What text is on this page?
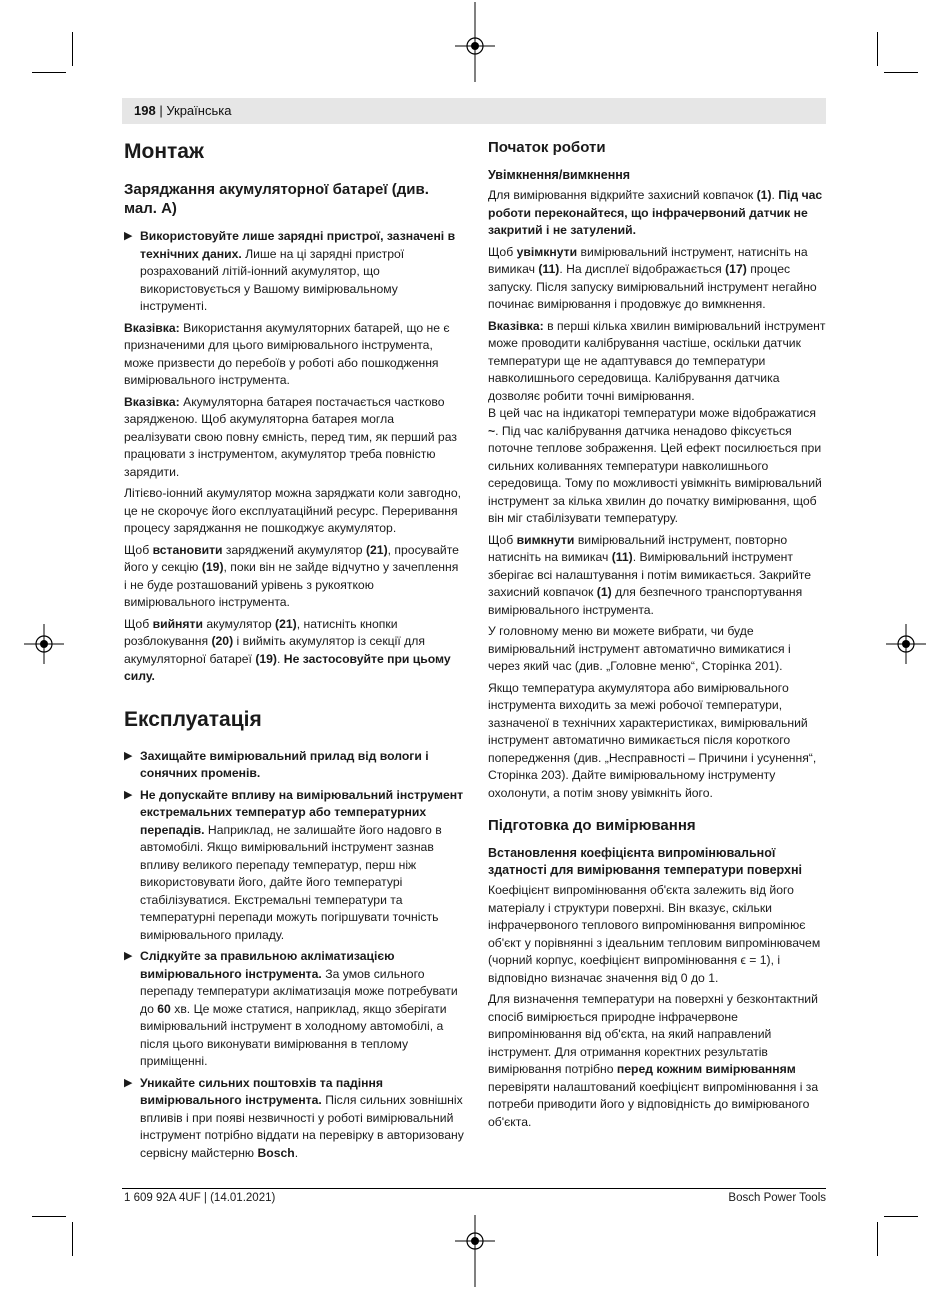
198 | Українська
Монтаж
Заряджання акумуляторної батареї (див. мал. A)
▶ Використовуйте лише зарядні пристрої, зазначені в технічних даних. Лише на ці зарядні пристрої розрахований літій-іонний акумулятор, що використовується у Вашому вимірювальному інструменті.
Вказівка: Використання акумуляторних батарей, що не є призначеними для цього вимірювального інструмента, може призвести до перебоїв у роботі або пошкодження вимірювального інструмента.
Вказівка: Акумуляторна батарея постачається частково зарядженою. Щоб акумуляторна батарея могла реалізувати свою повну ємність, перед тим, як перший раз працювати з інструментом, акумулятор треба повністю зарядити.
Літієво-іонний акумулятор можна заряджати коли завгодно, це не скорочує його експлуатаційний ресурс. Переривання процесу заряджання не пошкоджує акумулятор.
Щоб встановити заряджений акумулятор (21), просувайте його у секцію (19), поки він не зайде відчутно у зачеплення і не буде розташований урівень з рукояткою вимірювального інструмента.
Щоб вийняти акумулятор (21), натисніть кнопки розблокування (20) і вийміть акумулятор із секції для акумуляторної батареї (19). Не застосовуйте при цьому силу.
Експлуатація
▶ Захищайте вимірювальний прилад від вологи і сонячних променів.
▶ Не допускайте впливу на вимірювальний інструмент екстремальних температур або температурних перепадів. Наприклад, не залишайте його надовго в автомобілі. Якщо вимірювальний інструмент зазнав впливу великого перепаду температур, перш ніж використовувати його, дайте його температурі стабілізуватися. Екстремальні температури та температурні перепади можуть погіршувати точність вимірювального приладу.
▶ Слідкуйте за правильною акліматизацією вимірювального інструмента. За умов сильного перепаду температури акліматизація може потребувати до 60 хв. Це може статися, наприклад, якщо зберігати вимірювальний інструмент в холодному автомобілі, а після цього виконувати вимірювання в теплому приміщенні.
▶ Уникайте сильних поштовхів та падіння вимірювального інструмента. Після сильних зовнішніх впливів і при появі незвичності у роботі вимірювальний інструмент потрібно віддати на перевірку в авторизовану сервісну майстерню Bosch.
Початок роботи
Увімкнення/вимкнення
Для вимірювання відкрийте захисний ковпачок (1). Під час роботи переконайтеся, що інфрачервоний датчик не закритий і не затулений.
Щоб увімкнути вимірювальний інструмент, натисніть на вимикач (11). На дисплеї відображається (17) процес запуску. Після запуску вимірювальний інструмент негайно починає вимірювання і продовжує до вимкнення.
Вказівка: в перші кілька хвилин вимірювальний інструмент може проводити калібрування частіше, оскільки датчик температури ще не адаптувався до температури навколишнього середовища. Калібрування датчика дозволяє робити точні вимірювання.
В цей час на індикаторі температури може відображатися ~. Під час калібрування датчика ненадово фіксується поточне теплове зображення. Цей ефект посилюється при сильних коливаннях температури навколишнього середовища. Тому по можливості увімкніть вимірювальний інструмент за кілька хвилин до початку вимірювання, щоб він міг стабілізувати температуру.
Щоб вимкнути вимірювальний інструмент, повторно натисніть на вимикач (11). Вимірювальний інструмент зберігає всі налаштування і потім вимикається. Закрийте захисний ковпачок (1) для безпечного транспортування вимірювального інструмента.
У головному меню ви можете вибрати, чи буде вимірювальний інструмент автоматично вимикатися і через який час (див. „Головне меню“, Сторінка 201).
Якщо температура акумулятора або вимірювального інструмента виходить за межі робочої температури, зазначеної в технічних характеристиках, вимірювальний інструмент автоматично вимикається після короткого попередження (див. „Несправності – Причини і усунення“, Сторінка 203). Дайте вимірювальному інструменту охолонути, а потім знову увімкніть його.
Підготовка до вимірювання
Встановлення коефіцієнта випромінювальної здатності для вимірювання температури поверхні
Коефіцієнт випромінювання об'єкта залежить від його матеріалу і структури поверхні. Він вказує, скільки інфрачервоного теплового випромінювання випромінює об'єкт у порівнянні з ідеальним тепловим випромінювачем (чорний корпус, коефіцієнт випромінювання ϵ = 1), і відповідно визначає значення від 0 до 1.
Для визначення температури на поверхні у безконтактний спосіб вимірюється природне інфрачервоне випромінювання від об'єкта, на який направлений інструмент. Для отримання коректних результатів вимірювання потрібно перед кожним вимірюванням перевіряти налаштований коефіцієнт випромінювання і за потреби приводити його у відповідність до вимірюваного об'єкта.
1 609 92A 4UF | (14.01.2021)	Bosch Power Tools
